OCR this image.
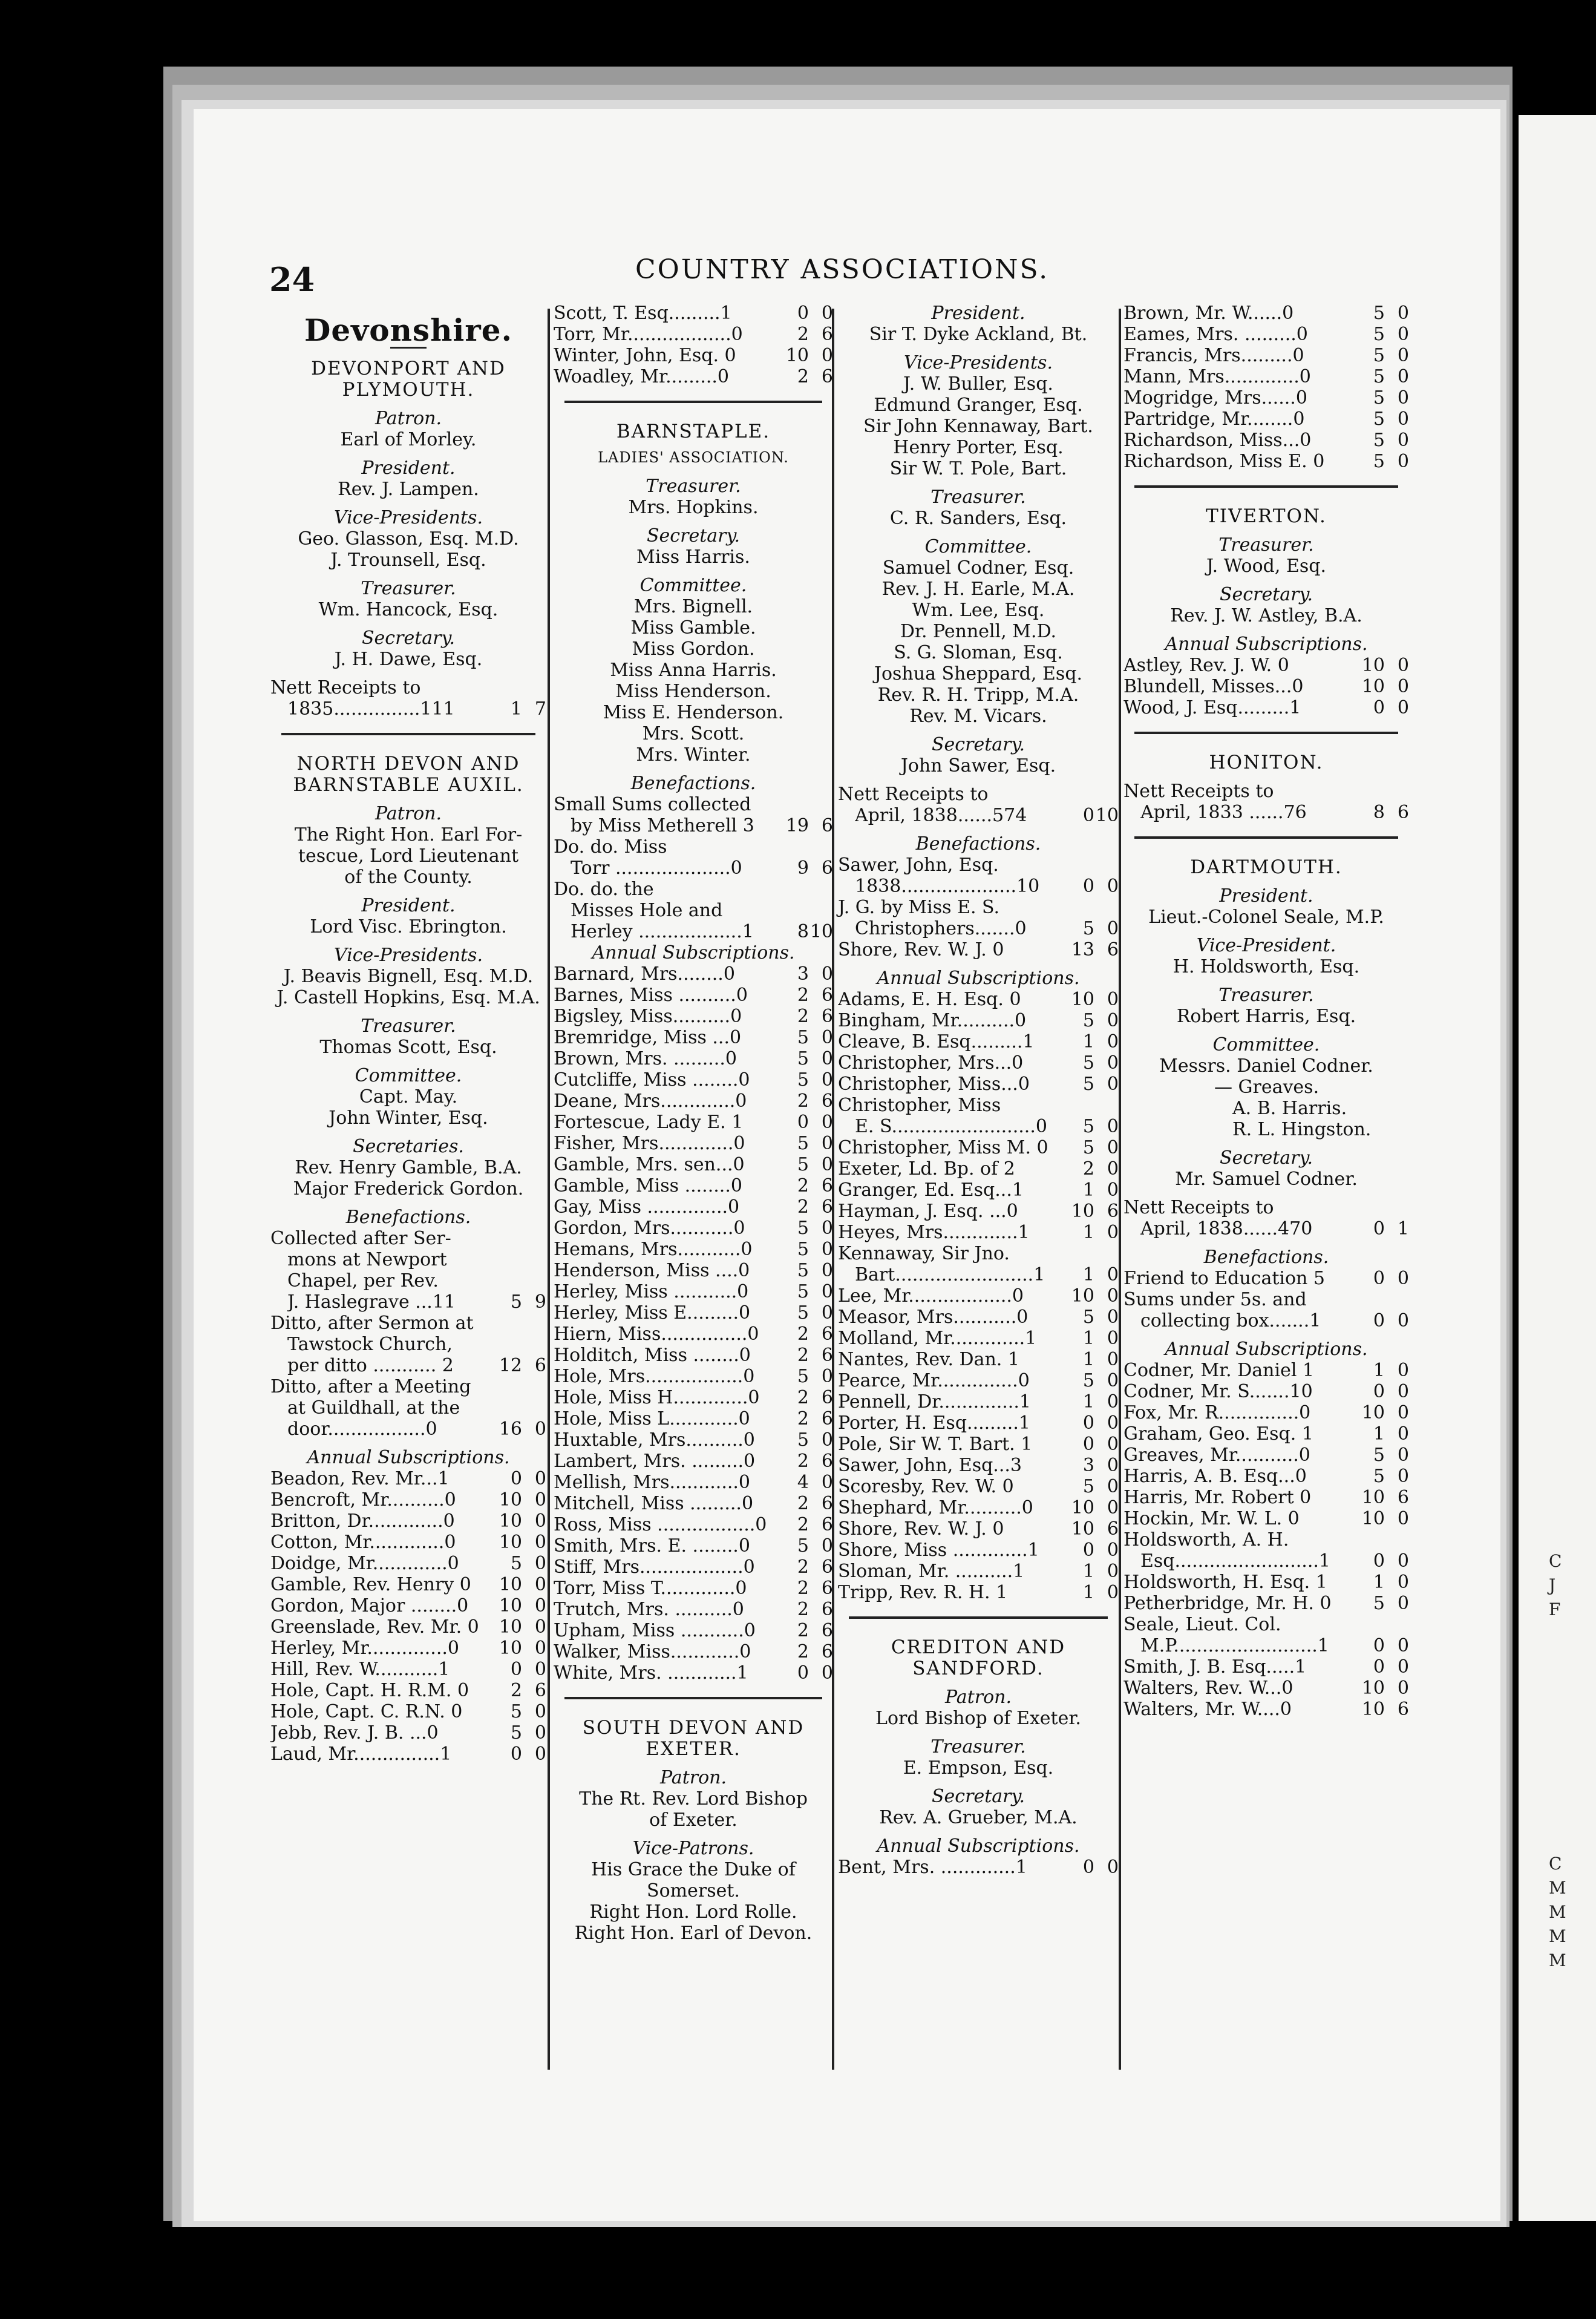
24	COUNTRY ASSOCIATIONS.
Devonshire.
DEVONPORT AND
PLYMOUTH.
Patron.
Earl of Morley.
President.
Rev. J. Lampen.
Vice-Presidents.
Geo. Glasson, Esq. M.D.
J. Trounsell, Esq.
Treasurer.
Wm. Hancock, Esq.
Secretary.
J. H. Dawe, Esq.
Nett Receipts to
1835...............111	1 7
NORTH DEVON AND
BARNSTABLE AUXIL.
Patron.
The Right Hon. Earl For-
tescue, Lord Lieutenant
of the County.
President.
Lord Visc. Ebrington.
Vice-Presidents.
J. Beavis Bignell, Esq. M.D.
J. Castell Hopkins, Esq. M.A.
Treasurer.
Thomas Scott, Esq.
Committee.
Capt. May.
John Winter, Esq.
Secretaries.
Rev. Henry Gamble, B.A.
Major Frederick Gordon.
Benefactions.
Collected after Ser-
mons at Newport
Chapel, per Rev.
J. Haslegrave ...11	5 9
Ditto, after Sermon at
Tawstock Church,
per ditto ........... 2	12 6
Ditto, after a Meeting
at Guildhall, at the
door.................0	16 0
Annual Subscriptions.
Beadon, Rev. Mr...1	0 0
Bencroft, Mr..........0	10 0
Britton, Dr.............0	10 0
Cotton, Mr.............0	10 0
Doidge, Mr.............0	5 0
Gamble, Rev. Henry 0	10 0
Gordon, Major ........0	10 0
Greenslade, Rev. Mr. 0	10 0
Herley, Mr..............0	10 0
Hill, Rev. W...........1	0 0
Hole, Capt. H. R.M. 0	2 6
Hole, Capt. C. R.N. 0	5 0
Jebb, Rev. J. B. ...0	5 0
Laud, Mr...............1	0 0
Scott, T. Esq.........1	0 0
Torr, Mr..................0	2 6
Winter, John, Esq. 0	10 0
Woadley, Mr.........0	2 6
BARNSTAPLE.
LADIES' ASSOCIATION.
Treasurer.
Mrs. Hopkins.
Secretary.
Miss Harris.
Committee.
Mrs. Bignell.
Miss Gamble.
Miss Gordon.
Miss Anna Harris.
Miss Henderson.
Miss E. Henderson.
Mrs. Scott.
Mrs. Winter.
Benefactions.
Small Sums collected
by Miss Metherell 3	19 6
Do. do. Miss
Torr ....................0	9 6
Do. do. the
Misses Hole and
Herley ..................1	8 10
Annual Subscriptions.
Barnard, Mrs........0	3 0
Barnes, Miss ..........0	2 6
Bigsley, Miss..........0	2 6
Bremridge, Miss ...0	5 0
Brown, Mrs. .........0	5 0
Cutcliffe, Miss ........0	5 0
Deane, Mrs.............0	2 6
Fortescue, Lady E. 1	0 0
Fisher, Mrs.............0	5 0
Gamble, Mrs. sen...0	5 0
Gamble, Miss ........0	2 6
Gay, Miss ..............0	2 6
Gordon, Mrs...........0	5 0
Hemans, Mrs...........0	5 0
Henderson, Miss ....0	5 0
Herley, Miss ...........0	5 0
Herley, Miss E.........0	5 0
Hiern, Miss...............0	2 6
Holditch, Miss ........0	2 6
Hole, Mrs.................0	5 0
Hole, Miss H.............0	2 6
Hole, Miss L............0	2 6
Huxtable, Mrs..........0	5 0
Lambert, Mrs. .........0	2 6
Mellish, Mrs............0	4 0
Mitchell, Miss .........0	2 6
Ross, Miss .................0	2 6
Smith, Mrs. E. ........0	5 0
Stiff, Mrs..................0	2 6
Torr, Miss T.............0	2 6
Trutch, Mrs. ..........0	2 6
Upham, Miss ...........0	2 6
Walker, Miss............0	2 6
White, Mrs. ............1	0 0
SOUTH DEVON AND
EXETER.
Patron.
The Rt. Rev. Lord Bishop
of Exeter.
Vice-Patrons.
His Grace the Duke of
Somerset.
Right Hon. Lord Rolle.
Right Hon. Earl of Devon.
President.
Sir T. Dyke Ackland, Bt.
Vice-Presidents.
J. W. Buller, Esq.
Edmund Granger, Esq.
Sir John Kennaway, Bart.
Henry Porter, Esq.
Sir W. T. Pole, Bart.
Treasurer.
C. R. Sanders, Esq.
Committee.
Samuel Codner, Esq.
Rev. J. H. Earle, M.A.
Wm. Lee, Esq.
Dr. Pennell, M.D.
S. G. Sloman, Esq.
Joshua Sheppard, Esq.
Rev. R. H. Tripp, M.A.
Rev. M. Vicars.
Secretary.
John Sawer, Esq.
Nett Receipts to
April, 1838......574	0 10
Benefactions.
Sawer, John, Esq.
1838....................10	0 0
J. G. by Miss E. S.
Christophers.......0	5 0
Shore, Rev. W. J. 0	13 6
Annual Subscriptions.
Adams, E. H. Esq. 0	10 0
Bingham, Mr..........0	5 0
Cleave, B. Esq.........1	1 0
Christopher, Mrs...0	5 0
Christopher, Miss...0	5 0
Christopher, Miss
E. S.........................0	5 0
Christopher, Miss M. 0	5 0
Exeter, Ld. Bp. of 2	2 0
Granger, Ed. Esq...1	1 0
Hayman, J. Esq. ...0	10 6
Heyes, Mrs.............1	1 0
Kennaway, Sir Jno.
Bart........................1	1 0
Lee, Mr..................0	10 0
Measor, Mrs...........0	5 0
Molland, Mr.............1	1 0
Nantes, Rev. Dan. 1	1 0
Pearce, Mr..............0	5 0
Pennell, Dr..............1	1 0
Porter, H. Esq.........1	0 0
Pole, Sir W. T. Bart. 1	0 0
Sawer, John, Esq...3	3 0
Scoresby, Rev. W. 0	5 0
Shephard, Mr..........0	10 0
Shore, Rev. W. J. 0	10 6
Shore, Miss .............1	0 0
Sloman, Mr. ..........1	1 0
Tripp, Rev. R. H. 1	1 0
CREDITON AND
SANDFORD.
Patron.
Lord Bishop of Exeter.
Treasurer.
E. Empson, Esq.
Secretary.
Rev. A. Grueber, M.A.
Annual Subscriptions.
Bent, Mrs. .............1	0 0
Brown, Mr. W......0	5 0
Eames, Mrs. .........0	5 0
Francis, Mrs.........0	5 0
Mann, Mrs.............0	5 0
Mogridge, Mrs......0	5 0
Partridge, Mr........0	5 0
Richardson, Miss...0	5 0
Richardson, Miss E. 0	5 0
TIVERTON.
Treasurer.
J. Wood, Esq.
Secretary.
Rev. J. W. Astley, B.A.
Annual Subscriptions.
Astley, Rev. J. W. 0	10 0
Blundell, Misses...0	10 0
Wood, J. Esq.........1	0 0
HONITON.
Nett Receipts to
April, 1833 ......76	8 6
DARTMOUTH.
President.
Lieut.-Colonel Seale, M.P.
Vice-President.
H. Holdsworth, Esq.
Treasurer.
Robert Harris, Esq.
Committee.
Messrs. Daniel Codner.
— Greaves.
A. B. Harris.
R. L. Hingston.
Secretary.
Mr. Samuel Codner.
Nett Receipts to
April, 1838......470	0 1
Benefactions.
Friend to Education 5	0 0
Sums under 5s. and
collecting box.......1	0 0
Annual Subscriptions.
Codner, Mr. Daniel 1	1 0
Codner, Mr. S.......10	0 0
Fox, Mr. R..............0	10 0
Graham, Geo. Esq. 1	1 0
Greaves, Mr...........0	5 0
Harris, A. B. Esq...0	5 0
Harris, Mr. Robert 0	10 6
Hockin, Mr. W. L. 0	10 0
Holdsworth, A. H.
Esq.........................1	0 0
Holdsworth, H. Esq. 1	1 0
Petherbridge, Mr. H. 0	5 0
Seale, Lieut. Col.
M.P.........................1	0 0
Smith, J. B. Esq.....1	0 0
Walters, Rev. W...0	10 0
Walters, Mr. W....0	10 6
C
J
F
C
M
M
M
M
